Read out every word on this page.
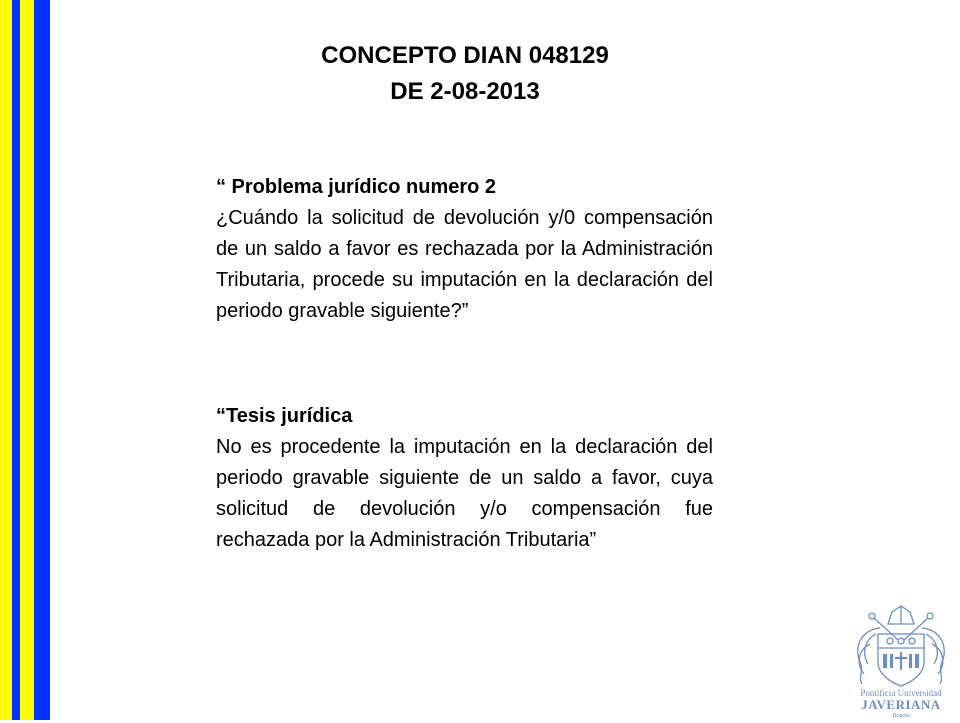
CONCEPTO DIAN 048129
DE 2-08-2013

“ Problema jurídico numero 2

¿Cuándo la solicitud de devolución y/0 compensación de un saldo a favor es rechazada por la Administración Tributaria, procede su imputación en la declaración del periodo gravable siguiente?”

“Tesis jurídica

No es procedente la imputación en la declaración del periodo gravable siguiente de un saldo a favor, cuya solicitud de devolución y/o compensación fue rechazada por la Administración Tributaria”

Pontificia Universidad
JAVERIANA
Bogotá
